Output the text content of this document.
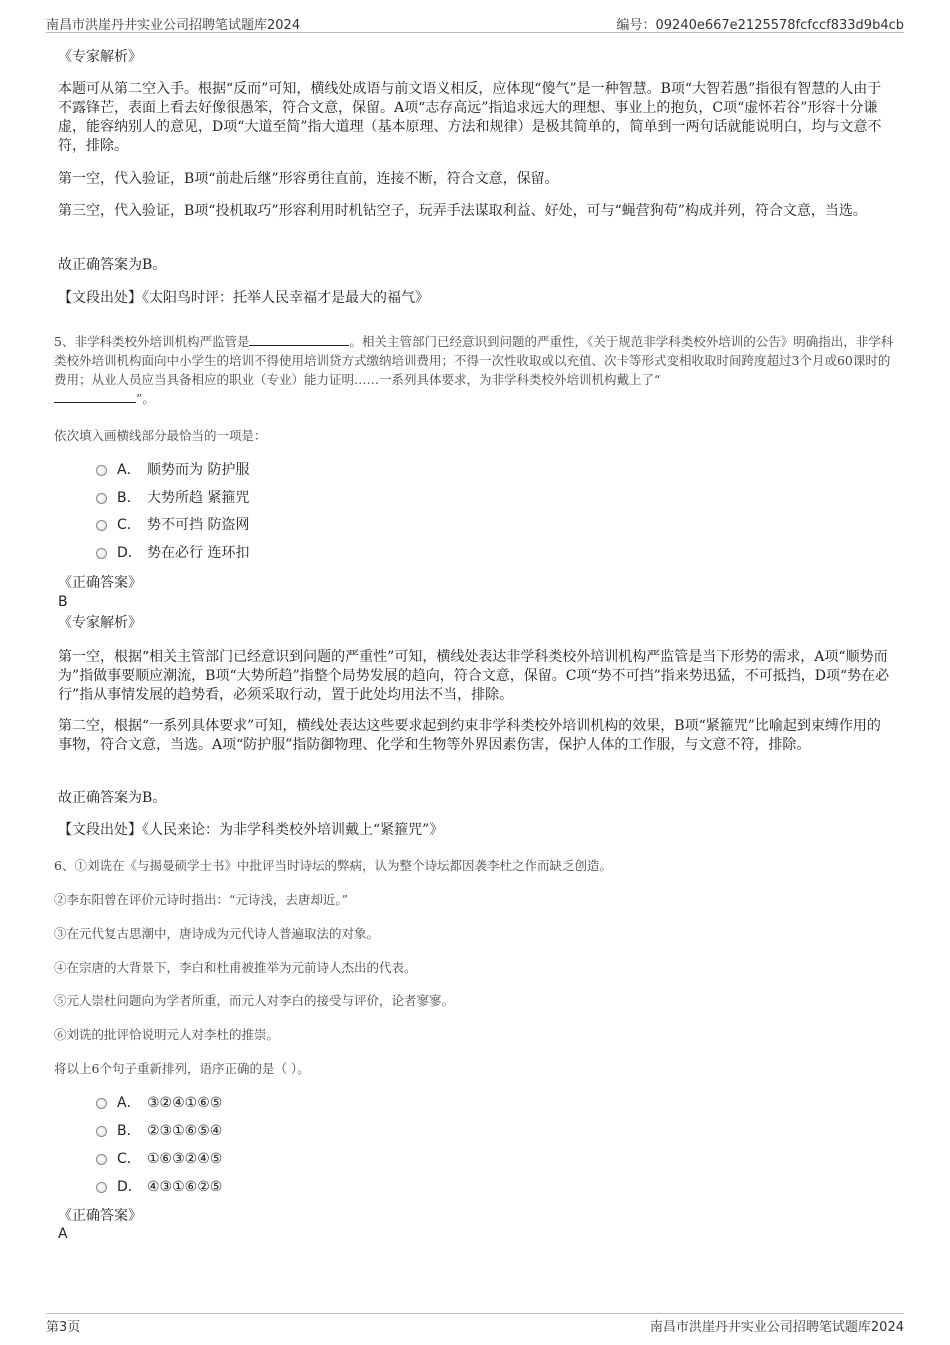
南昌市洪崖丹井实业公司招聘笔试题库2024	编号：09240e667e2125578fcfccf833d9b4cb
《专家解析》
本题可从第二空入手。根据“反而”可知，横线处成语与前文语义相反，应体现“傻气”是一种智慧。B项“大智若愚”指很有智慧的人由于不露锋芒，表面上看去好像很愚笨，符合文意，保留。A项“志存高远”指追求远大的理想、事业上的抱负，C项“虚怀若谷”形容十分谦虚，能容纳别人的意见，D项“大道至简”指大道理（基本原理、方法和规律）是极其简单的，简单到一两句话就能说明白，均与文意不符，排除。
第一空，代入验证，B项“前赴后继”形容勇往直前，连接不断，符合文意，保留。
第三空，代入验证，B项“投机取巧”形容利用时机钻空子，玩弄手法谋取利益、好处，可与“蝇营狗苟”构成并列，符合文意，当选。
故正确答案为B。
【文段出处】《太阳鸟时评：托举人民幸福才是最大的福气》
5、非学科类校外培训机构严监管是	。相关主管部门已经意识到问题的严重性，《关于规范非学科类校外培训的公告》明确指出，非学科类校外培训机构面向中小学生的培训不得使用培训贷方式缴纳培训费用；不得一次性收取或以充值、次卡等形式变相收取时间跨度超过3个月或60课时的费用；从业人员应当具备相应的职业（专业）能力证明……一系列具体要求，为非学科类校外培训机构戴上了“
”。
依次填入画横线部分最恰当的一项是：
A． 顺势而为 防护服
B． 大势所趋 紧箍咒
C． 势不可挡 防盗网
D． 势在必行 连环扣
《正确答案》
B
《专家解析》
第一空，根据“相关主管部门已经意识到问题的严重性”可知，横线处表达非学科类校外培训机构严监管是当下形势的需求，A项“顺势而为”指做事要顺应潮流，B项“大势所趋”指整个局势发展的趋向，符合文意，保留。C项“势不可挡”指来势迅猛，不可抵挡，D项“势在必行”指从事情发展的趋势看，必须采取行动，置于此处均用法不当，排除。
第二空，根据“一系列具体要求”可知，横线处表达这些要求起到约束非学科类校外培训机构的效果，B项“紧箍咒”比喻起到束缚作用的事物，符合文意，当选。A项“防护服”指防御物理、化学和生物等外界因素伤害，保护人体的工作服，与文意不符，排除。
故正确答案为B。
【文段出处】《人民来论：为非学科类校外培训戴上“紧箍咒”》
6、①刘诜在《与揭曼硕学士书》中批评当时诗坛的弊病，认为整个诗坛都因袭李杜之作而缺乏创造。
②李东阳曾在评价元诗时指出：“元诗浅，去唐却近。”
③在元代复古思潮中，唐诗成为元代诗人普遍取法的对象。
④在宗唐的大背景下，李白和杜甫被推举为元前诗人杰出的代表。
⑤元人崇杜问题向为学者所重，而元人对李白的接受与评价，论者寥寥。
⑥刘诜的批评恰说明元人对李杜的推崇。
将以上6个句子重新排列，语序正确的是（ ）。
A． ③②④①⑥⑤
B． ②③①⑥⑤④
C． ①⑥③②④⑤
D． ④③①⑥②⑤
《正确答案》
A
第3页	南昌市洪崖丹井实业公司招聘笔试题库2024
